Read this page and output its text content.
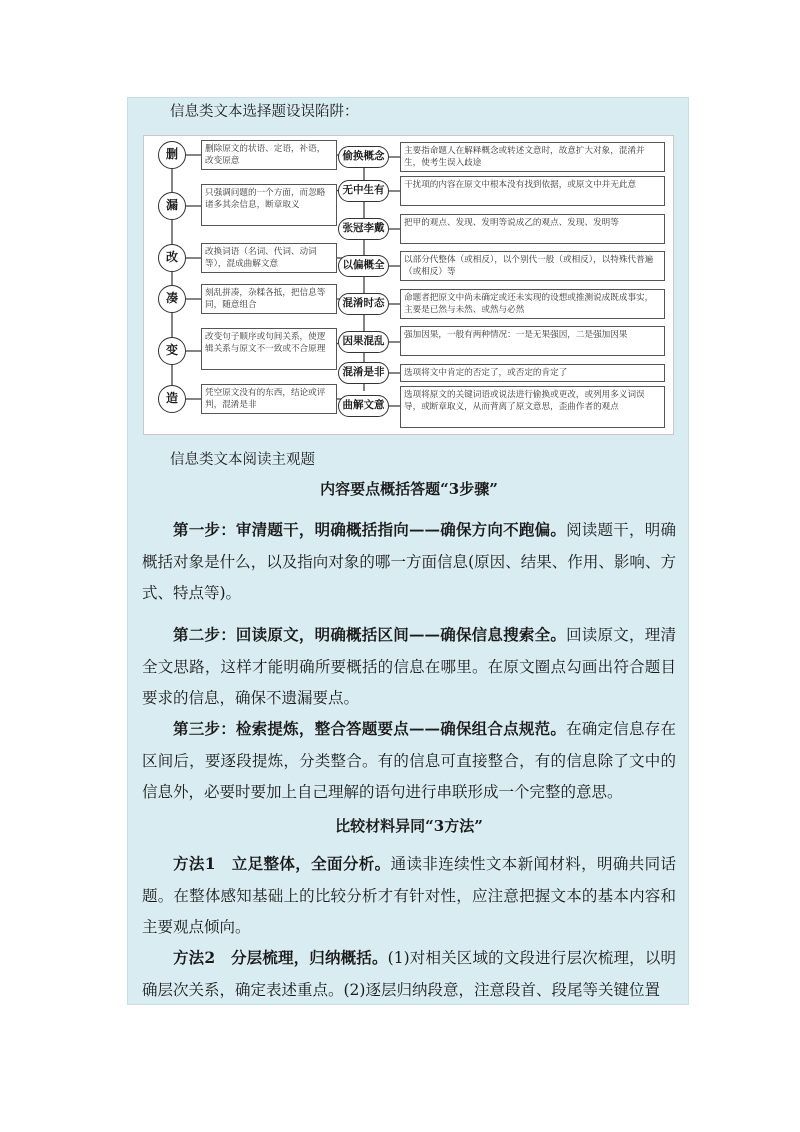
信息类文本选择题设误陷阱：

删
漏
改
凑
变
造
删除原文的状语、定语，补语，改变原意
只强调问题的一个方面，而忽略诸多其余信息，断章取义
改换词语（名词、代词、动词等），混成曲解文意
刻乱拼凑，杂糅各抵，把信息等同，随意组合
改变句子顺序或句间关系，使逻辑关系与原文不一致或不合原理
凭空原文没有的东西，结论或评判，混淆是非
偷换概念
无中生有
张冠李戴
以偏概全
混淆时态
因果混乱
混淆是非
曲解文意
主要指命题人在解释概念或转述文意时，故意扩大对象，混淆并生，使考生误入歧途
干扰项的内容在原文中根本没有找到依据，或原文中并无此意
把甲的观点、发现、发明等说成乙的观点、发现、发明等
以部分代整体（或相反），以个别代一般（或相反），以特殊代普遍（或相反）等
命题者把原文中尚未确定或还未实现的设想或推测说成既成事实，主要是已然与未然、或然与必然
强加因果，一般有两种情况：一是无果强因，二是强加因果
选项将文中肯定的否定了，或否定的肯定了
选项将原文的关键词语或说法进行偷换或更改，或列用多义词误导，或断章取义，从而背离了原文意思，歪曲作者的观点

信息类文本阅读主观题

内容要点概括答题“3步骤”

第一步：审清题干，明确概括指向——确保方向不跑偏。阅读题干，明确概括对象是什么，以及指向对象的哪一方面信息(原因、结果、作用、影响、方式、特点等)。

第二步：回读原文，明确概括区间——确保信息搜索全。回读原文，理清全文思路，这样才能明确所要概括的信息在哪里。在原文圈点勾画出符合题目要求的信息，确保不遗漏要点。

第三步：检索提炼，整合答题要点——确保组合点规范。在确定信息存在区间后，要逐段提炼，分类整合。有的信息可直接整合，有的信息除了文中的信息外，必要时要加上自己理解的语句进行串联形成一个完整的意思。

比较材料异同“3方法”

方法1　立足整体，全面分析。通读非连续性文本新闻材料，明确共同话题。在整体感知基础上的比较分析才有针对性，应注意把握文本的基本内容和主要观点倾向。

方法2　分层梳理，归纳概括。(1)对相关区域的文段进行层次梳理，以明确层次关系，确定表述重点。(2)逐层归纳段意，注意段首、段尾等关键位置
